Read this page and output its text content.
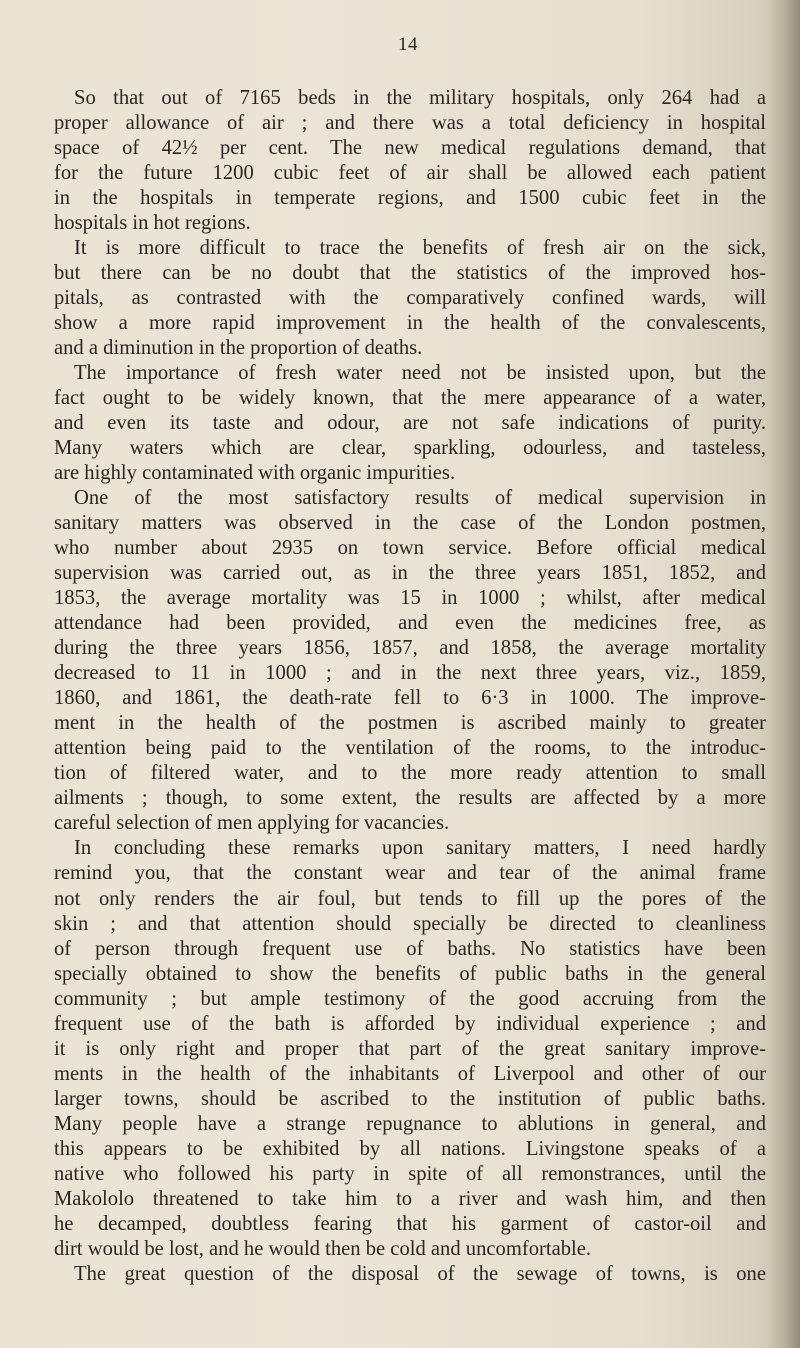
14
So that out of 7165 beds in the military hospitals, only 264 had a
proper allowance of air ; and there was a total deficiency in hospital
space of 42½ per cent. The new medical regulations demand, that
for the future 1200 cubic feet of air shall be allowed each patient
in the hospitals in temperate regions, and 1500 cubic feet in the
hospitals in hot regions.
It is more difficult to trace the benefits of fresh air on the sick,
but there can be no doubt that the statistics of the improved hos-
pitals, as contrasted with the comparatively confined wards, will
show a more rapid improvement in the health of the convalescents,
and a diminution in the proportion of deaths.
The importance of fresh water need not be insisted upon, but the
fact ought to be widely known, that the mere appearance of a water,
and even its taste and odour, are not safe indications of purity.
Many waters which are clear, sparkling, odourless, and tasteless,
are highly contaminated with organic impurities.
One of the most satisfactory results of medical supervision in
sanitary matters was observed in the case of the London postmen,
who number about 2935 on town service. Before official medical
supervision was carried out, as in the three years 1851, 1852, and
1853, the average mortality was 15 in 1000 ; whilst, after medical
attendance had been provided, and even the medicines free, as
during the three years 1856, 1857, and 1858, the average mortality
decreased to 11 in 1000 ; and in the next three years, viz., 1859,
1860, and 1861, the death-rate fell to 6·3 in 1000. The improve-
ment in the health of the postmen is ascribed mainly to greater
attention being paid to the ventilation of the rooms, to the introduc-
tion of filtered water, and to the more ready attention to small
ailments ; though, to some extent, the results are affected by a more
careful selection of men applying for vacancies.
In concluding these remarks upon sanitary matters, I need hardly
remind you, that the constant wear and tear of the animal frame
not only renders the air foul, but tends to fill up the pores of the
skin ; and that attention should specially be directed to cleanliness
of person through frequent use of baths. No statistics have been
specially obtained to show the benefits of public baths in the general
community ; but ample testimony of the good accruing from the
frequent use of the bath is afforded by individual experience ; and
it is only right and proper that part of the great sanitary improve-
ments in the health of the inhabitants of Liverpool and other of our
larger towns, should be ascribed to the institution of public baths.
Many people have a strange repugnance to ablutions in general, and
this appears to be exhibited by all nations. Livingstone speaks of a
native who followed his party in spite of all remonstrances, until the
Makololo threatened to take him to a river and wash him, and then
he decamped, doubtless fearing that his garment of castor-oil and
dirt would be lost, and he would then be cold and uncomfortable.
The great question of the disposal of the sewage of towns, is one
